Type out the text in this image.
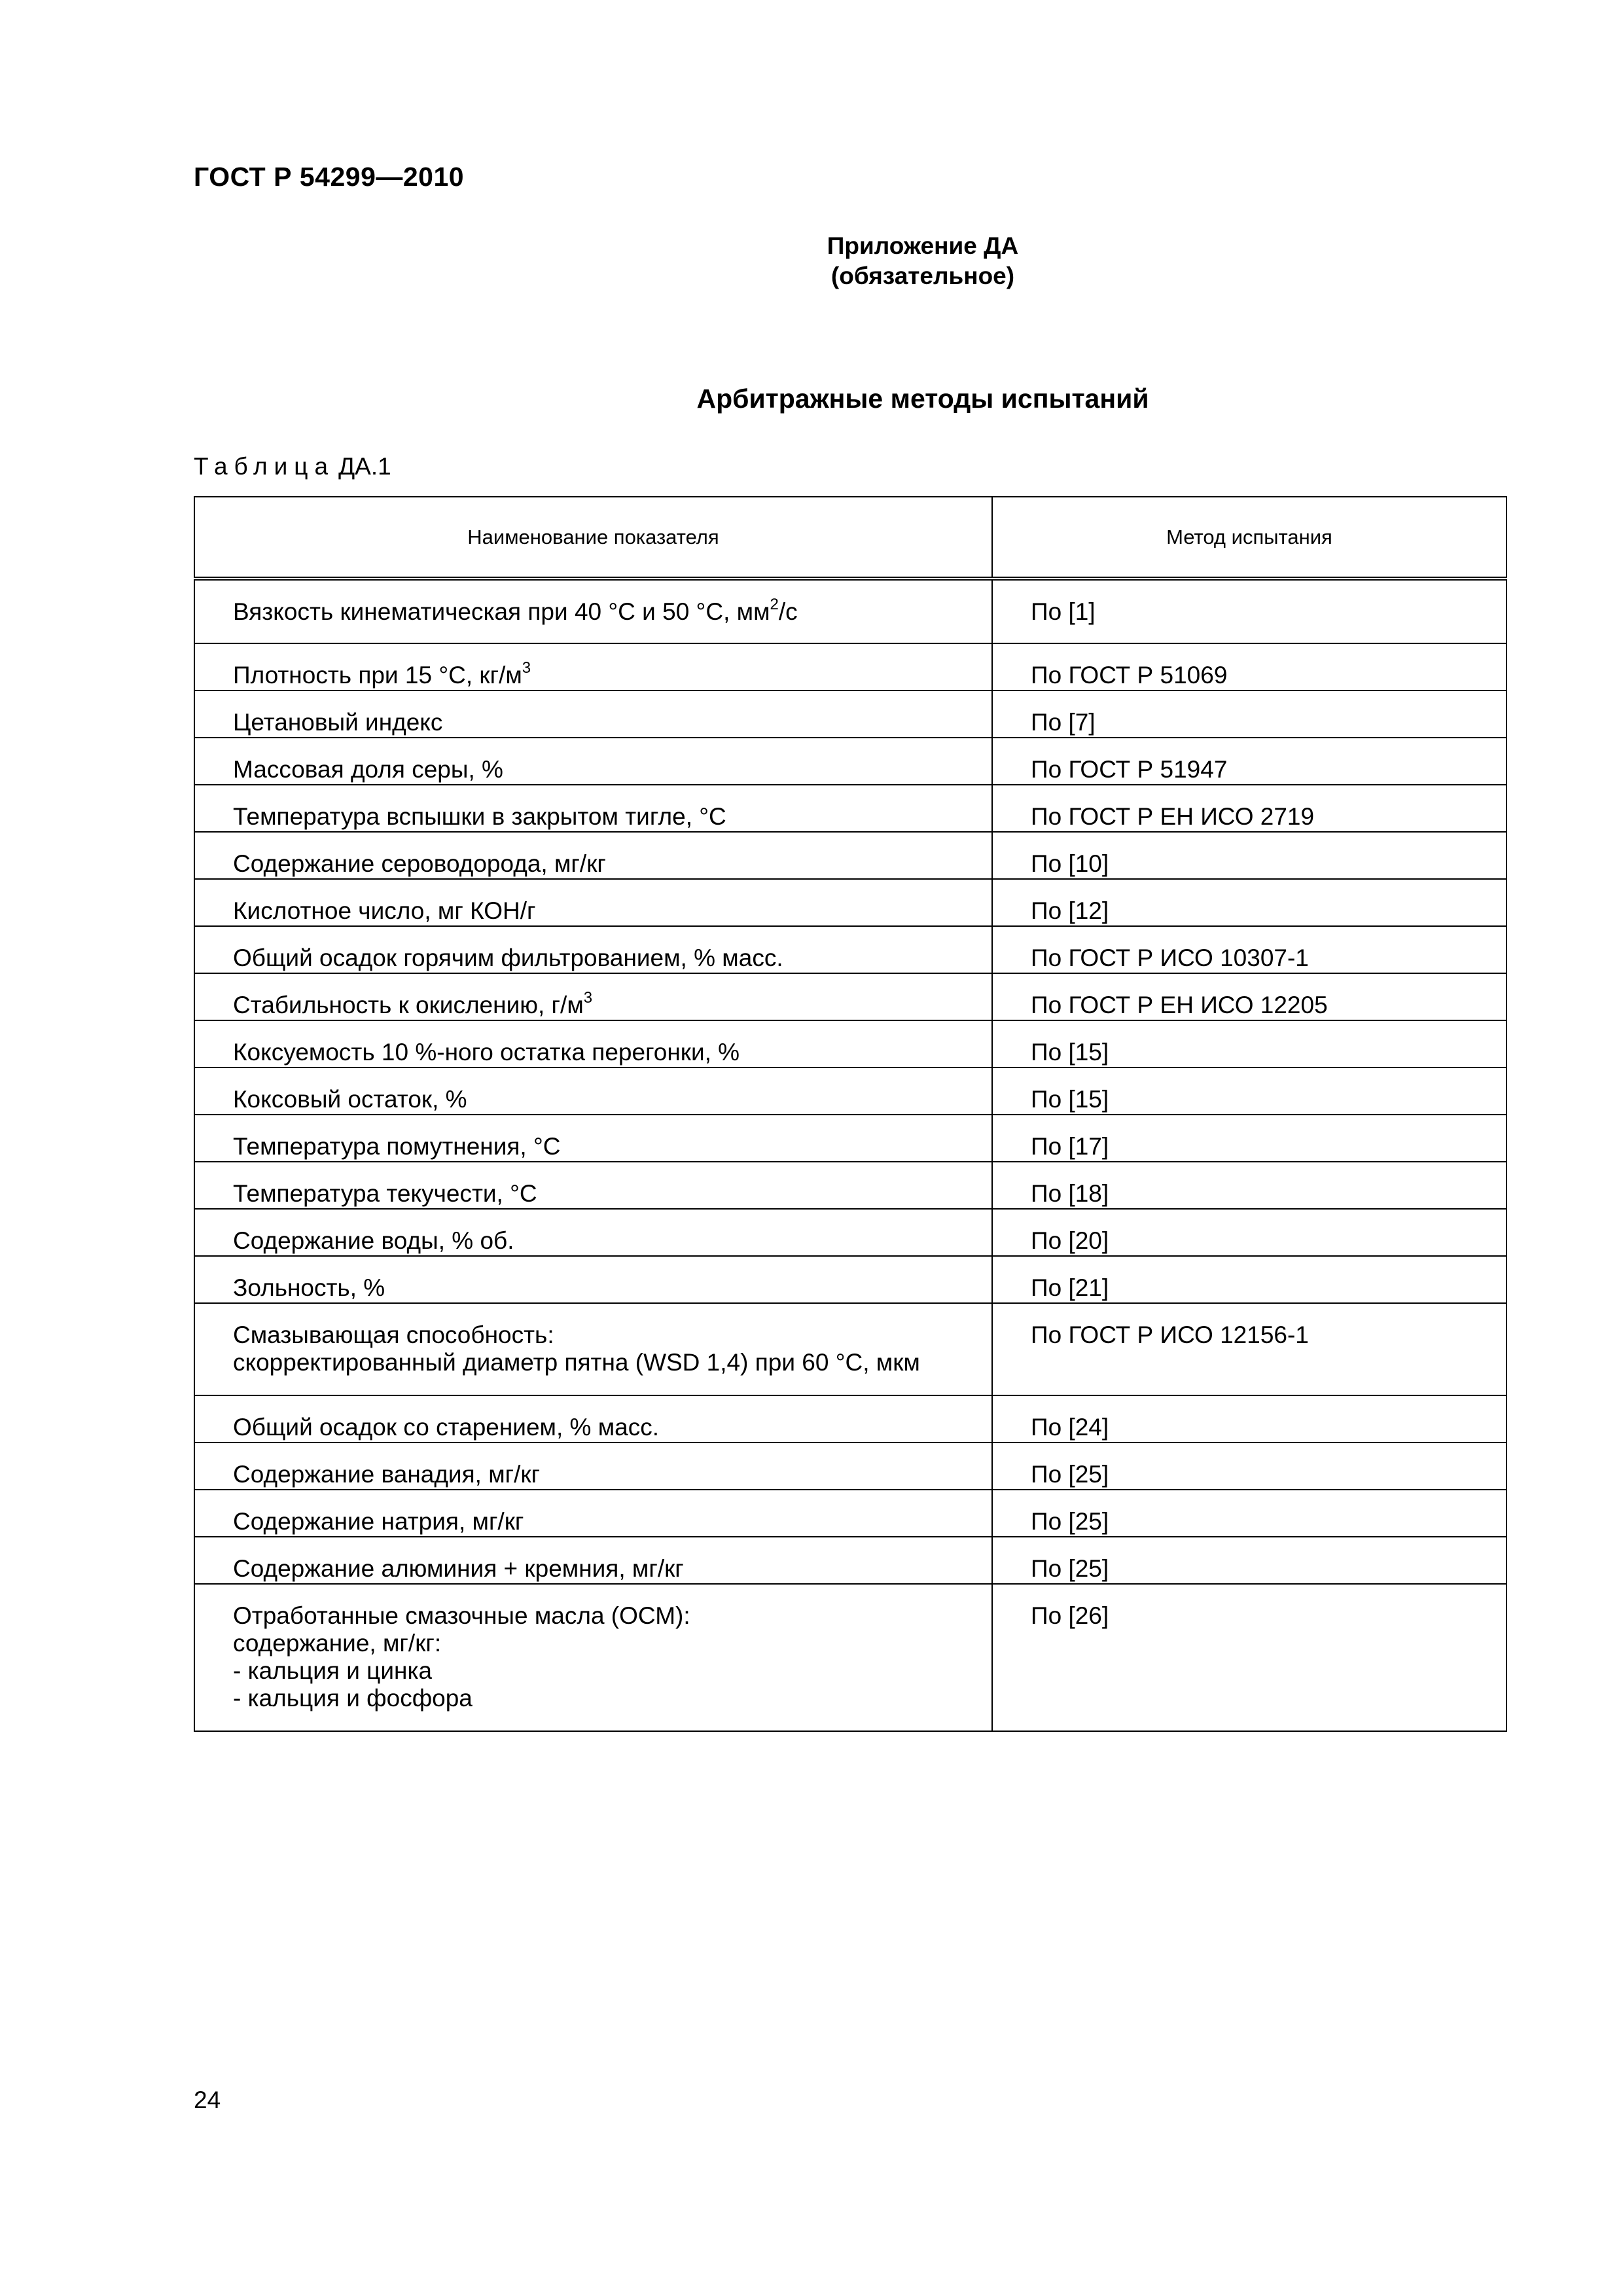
ГОСТ Р 54299—2010
Приложение ДА
(обязательное)
Арбитражные методы испытаний
Таблица ДА.1
Наименование показателя	Метод испытания

Вязкость кинематическая при 40 °С и 50 °С, $мм^2/с$	По [1]

Плотность при 15 °С, $кг/м^3$	По ГОСТ Р 51069

Цетановый индекс	По [7]

Массовая доля серы, %	По ГОСТ Р 51947

Температура вспышки в закрытом тигле, °С	По ГОСТ Р ЕН ИСО 2719

Содержание сероводорода, мг/кг	По [10]

Кислотное число, мг КОН/г	По [12]

Общий осадок горячим фильтрованием, % масс.	По ГОСТ Р ИСО 10307-1

Стабильность к окислению, $г/м^3$	По ГОСТ Р ЕН ИСО 12205

Коксуемость 10 %-ного остатка перегонки, %	По [15]

Коксовый остаток, %	По [15]

Температура помутнения, °С	По [17]

Температура текучести, °С	По [18]

Содержание воды, % об.	По [20]

Зольность, %	По [21]

Смазывающая способность:
скорректированный диаметр пятна (WSD 1,4) при 60 °С, мкм	По ГОСТ Р ИСО 12156-1

Общий осадок со старением, % масс.	По [24]

Содержание ванадия, мг/кг	По [25]

Содержание натрия, мг/кг	По [25]

Содержание алюминия + кремния, мг/кг	По [25]

Отработанные смазочные масла (ОСМ):
содержание, мг/кг:
- кальция и цинка
- кальция и фосфора	По [26]
24
